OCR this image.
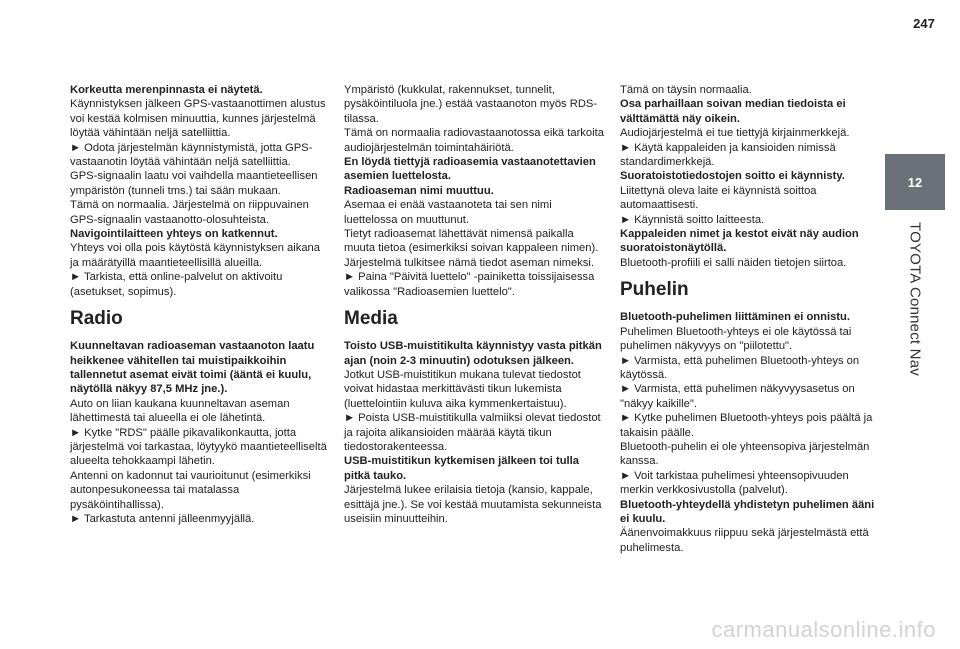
247
12
TOYOTA Connect Nav

Korkeutta merenpinnasta ei näytetä.

Käynnistyksen jälkeen GPS-vastaanottimen alustus voi kestää kolmisen minuuttia, kunnes järjestelmä löytää vähintään neljä satelliittia.

► Odota järjestelmän käynnistymistä, jotta GPS-vastaanotin löytää vähintään neljä satelliittia.

GPS-signaalin laatu voi vaihdella maantieteellisen ympäristön (tunneli tms.) tai sään mukaan.

Tämä on normaalia. Järjestelmä on riippuvainen GPS-signaalin vastaanotto-olosuhteista.

Navigointilaitteen yhteys on katkennut.

Yhteys voi olla pois käytöstä käynnistyksen aikana ja määrätyillä maantieteellisillä alueilla.

► Tarkista, että online-palvelut on aktivoitu (asetukset, sopimus).

Radio

Kuunneltavan radioaseman vastaanoton laatu heikkenee vähitellen tai muistipaikkoihin tallennetut asemat eivät toimi (ääntä ei kuulu, näytöllä näkyy 87,5 MHz jne.).

Auto on liian kaukana kuunneltavan aseman lähettimestä tai alueella ei ole lähetintä.

► Kytke "RDS" päälle pikavalikonkautta, jotta järjestelmä voi tarkastaa, löytyykö maantieteelliseltä alueelta tehokkaampi lähetin.

Antenni on kadonnut tai vaurioitunut (esimerkiksi autonpesukoneessa tai matalassa pysäköintihallissa).

► Tarkastuta antenni jälleenmyyjällä.

Ympäristö (kukkulat, rakennukset, tunnelit, pysäköintiluola jne.) estää vastaanoton myös RDS-tilassa.

Tämä on normaalia radiovastaanotossa eikä tarkoita audiojärjestelmän toimintahäiriötä.

En löydä tiettyjä radioasemia vastaanotettavien asemien luettelosta.

Radioaseman nimi muuttuu.

Asemaa ei enää vastaanoteta tai sen nimi luettelossa on muuttunut.

Tietyt radioasemat lähettävät nimensä paikalla muuta tietoa (esimerkiksi soivan kappaleen nimen).

Järjestelmä tulkitsee nämä tiedot aseman nimeksi.

► Paina "Päivitä luettelo" -painiketta toissijaisessa valikossa "Radioasemien luettelo".

Media

Toisto USB-muistitikulta käynnistyy vasta pitkän ajan (noin 2-3 minuutin) odotuksen jälkeen.

Jotkut USB-muistitikun mukana tulevat tiedostot voivat hidastaa merkittävästi tikun lukemista (luettelointiin kuluva aika kymmenkertaistuu).

► Poista USB-muistitikulla valmiiksi olevat tiedostot ja rajoita alikansioiden määrää käytä tikun tiedostorakenteessa.

USB-muistitikun kytkemisen jälkeen toi tulla pitkä tauko.

Järjestelmä lukee erilaisia tietoja (kansio, kappale, esittäjä jne.). Se voi kestää muutamista sekunneista useisiin minuutteihin.

Tämä on täysin normaalia.

Osa parhaillaan soivan median tiedoista ei välttämättä näy oikein.

Audiojärjestelmä ei tue tiettyjä kirjainmerkkejä.

► Käytä kappaleiden ja kansioiden nimissä standardimerkkejä.

Suoratoistotiedostojen soitto ei käynnisty.

Liitettynä oleva laite ei käynnistä soittoa automaattisesti.

► Käynnistä soitto laitteesta.

Kappaleiden nimet ja kestot eivät näy audion suoratoistonäytöllä.

Bluetooth-profiili ei salli näiden tietojen siirtoa.

Puhelin

Bluetooth-puhelimen liittäminen ei onnistu.

Puhelimen Bluetooth-yhteys ei ole käytössä tai puhelimen näkyvyys on "piilotettu".

► Varmista, että puhelimen Bluetooth-yhteys on käytössä.

► Varmista, että puhelimen näkyvyysasetus on "näkyy kaikille".

► Kytke puhelimen Bluetooth-yhteys pois päältä ja takaisin päälle.

Bluetooth-puhelin ei ole yhteensopiva järjestelmän kanssa.

► Voit tarkistaa puhelimesi yhteensopivuuden merkin verkkosivustolla (palvelut).

Bluetooth-yhteydellä yhdistetyn puhelimen ääni ei kuulu.

Äänenvoimakkuus riippuu sekä järjestelmästä että puhelimesta.

carmanualsonline.info
